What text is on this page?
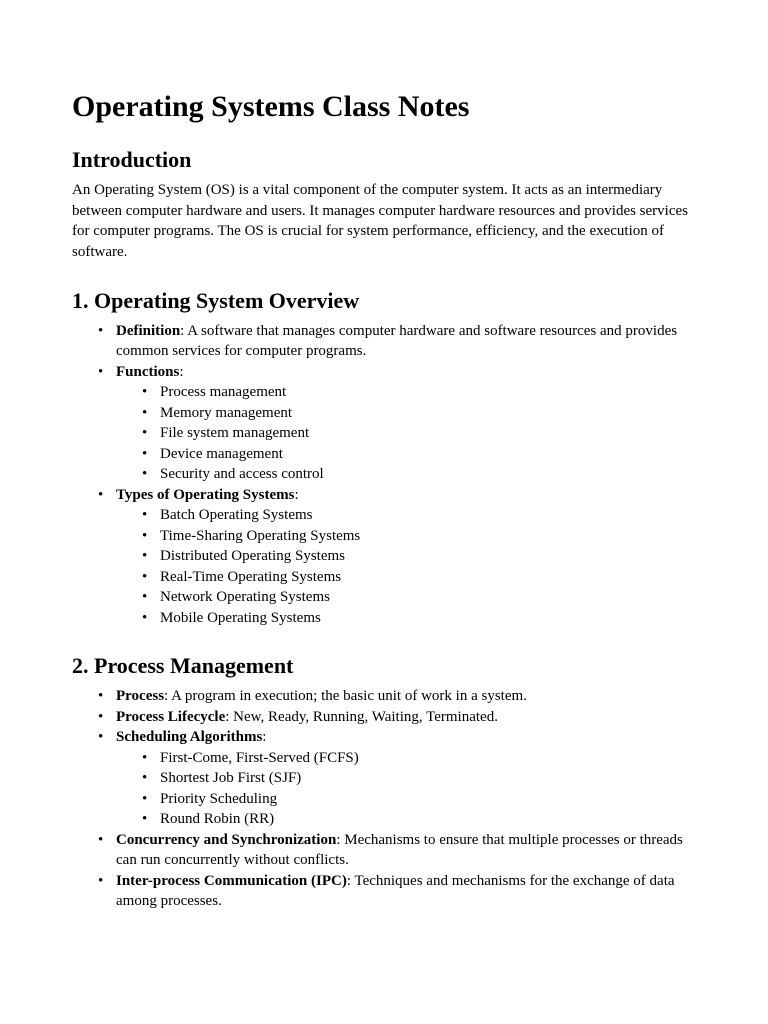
Operating Systems Class Notes
Introduction

An Operating System (OS) is a vital component of the computer system. It acts as an intermediary between computer hardware and users. It manages computer hardware resources and provides services for computer programs. The OS is crucial for system performance, efficiency, and the execution of software.

1. Operating System Overview
• Definition: A software that manages computer hardware and software resources and provides common services for computer programs.
• Functions:
• Process management
• Memory management
• File system management
• Device management
• Security and access control
• Types of Operating Systems:
• Batch Operating Systems
• Time-Sharing Operating Systems
• Distributed Operating Systems
• Real-Time Operating Systems
• Network Operating Systems
• Mobile Operating Systems
2. Process Management
• Process: A program in execution; the basic unit of work in a system.
• Process Lifecycle: New, Ready, Running, Waiting, Terminated.
• Scheduling Algorithms:
• First-Come, First-Served (FCFS)
• Shortest Job First (SJF)
• Priority Scheduling
• Round Robin (RR)
• Concurrency and Synchronization: Mechanisms to ensure that multiple processes or threads can run concurrently without conflicts.
• Inter-process Communication (IPC): Techniques and mechanisms for the exchange of data among processes.
